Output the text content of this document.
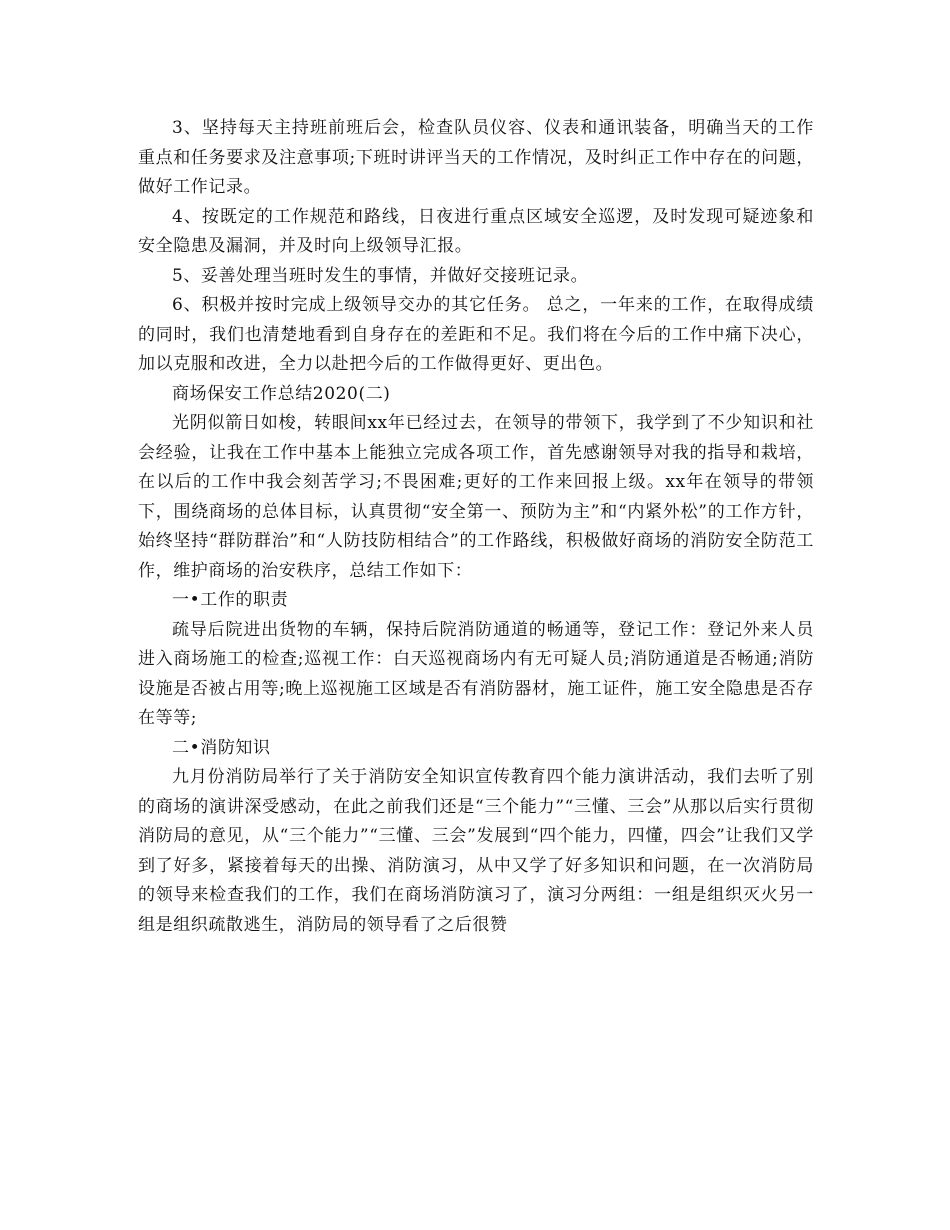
3、坚持每天主持班前班后会，检查队员仪容、仪表和通讯装备，明确当天的工作重点和任务要求及注意事项;下班时讲评当天的工作情况，及时纠正工作中存在的问题，做好工作记录。

4、按既定的工作规范和路线，日夜进行重点区域安全巡逻，及时发现可疑迹象和安全隐患及漏洞，并及时向上级领导汇报。

5、妥善处理当班时发生的事情，并做好交接班记录。

6、积极并按时完成上级领导交办的其它任务。 总之，一年来的工作，在取得成绩的同时，我们也清楚地看到自身存在的差距和不足。我们将在今后的工作中痛下决心，加以克服和改进，全力以赴把今后的工作做得更好、更出色。

商场保安工作总结2020(二)

光阴似箭日如梭，转眼间xx年已经过去，在领导的带领下，我学到了不少知识和社会经验，让我在工作中基本上能独立完成各项工作，首先感谢领导对我的指导和栽培，在以后的工作中我会刻苦学习;不畏困难;更好的工作来回报上级。xx年在领导的带领下，围绕商场的总体目标，认真贯彻“安全第一、预防为主”和“内紧外松”的工作方针，始终坚持“群防群治”和“人防技防相结合”的工作路线，积极做好商场的消防安全防范工作，维护商场的治安秩序，总结工作如下：

一•工作的职责

疏导后院进出货物的车辆，保持后院消防通道的畅通等，登记工作：登记外来人员进入商场施工的检查;巡视工作：白天巡视商场内有无可疑人员;消防通道是否畅通;消防设施是否被占用等;晚上巡视施工区域是否有消防器材，施工证件，施工安全隐患是否存在等等;

二•消防知识

九月份消防局举行了关于消防安全知识宣传教育四个能力演讲活动，我们去听了别的商场的演讲深受感动，在此之前我们还是“三个能力”“三懂、三会”从那以后实行贯彻消防局的意见，从“三个能力”“三懂、三会”发展到“四个能力，四懂，四会”让我们又学到了好多，紧接着每天的出操、消防演习，从中又学了好多知识和问题，在一次消防局的领导来检查我们的工作，我们在商场消防演习了，演习分两组：一组是组织灭火另一组是组织疏散逃生，消防局的领导看了之后很赞
